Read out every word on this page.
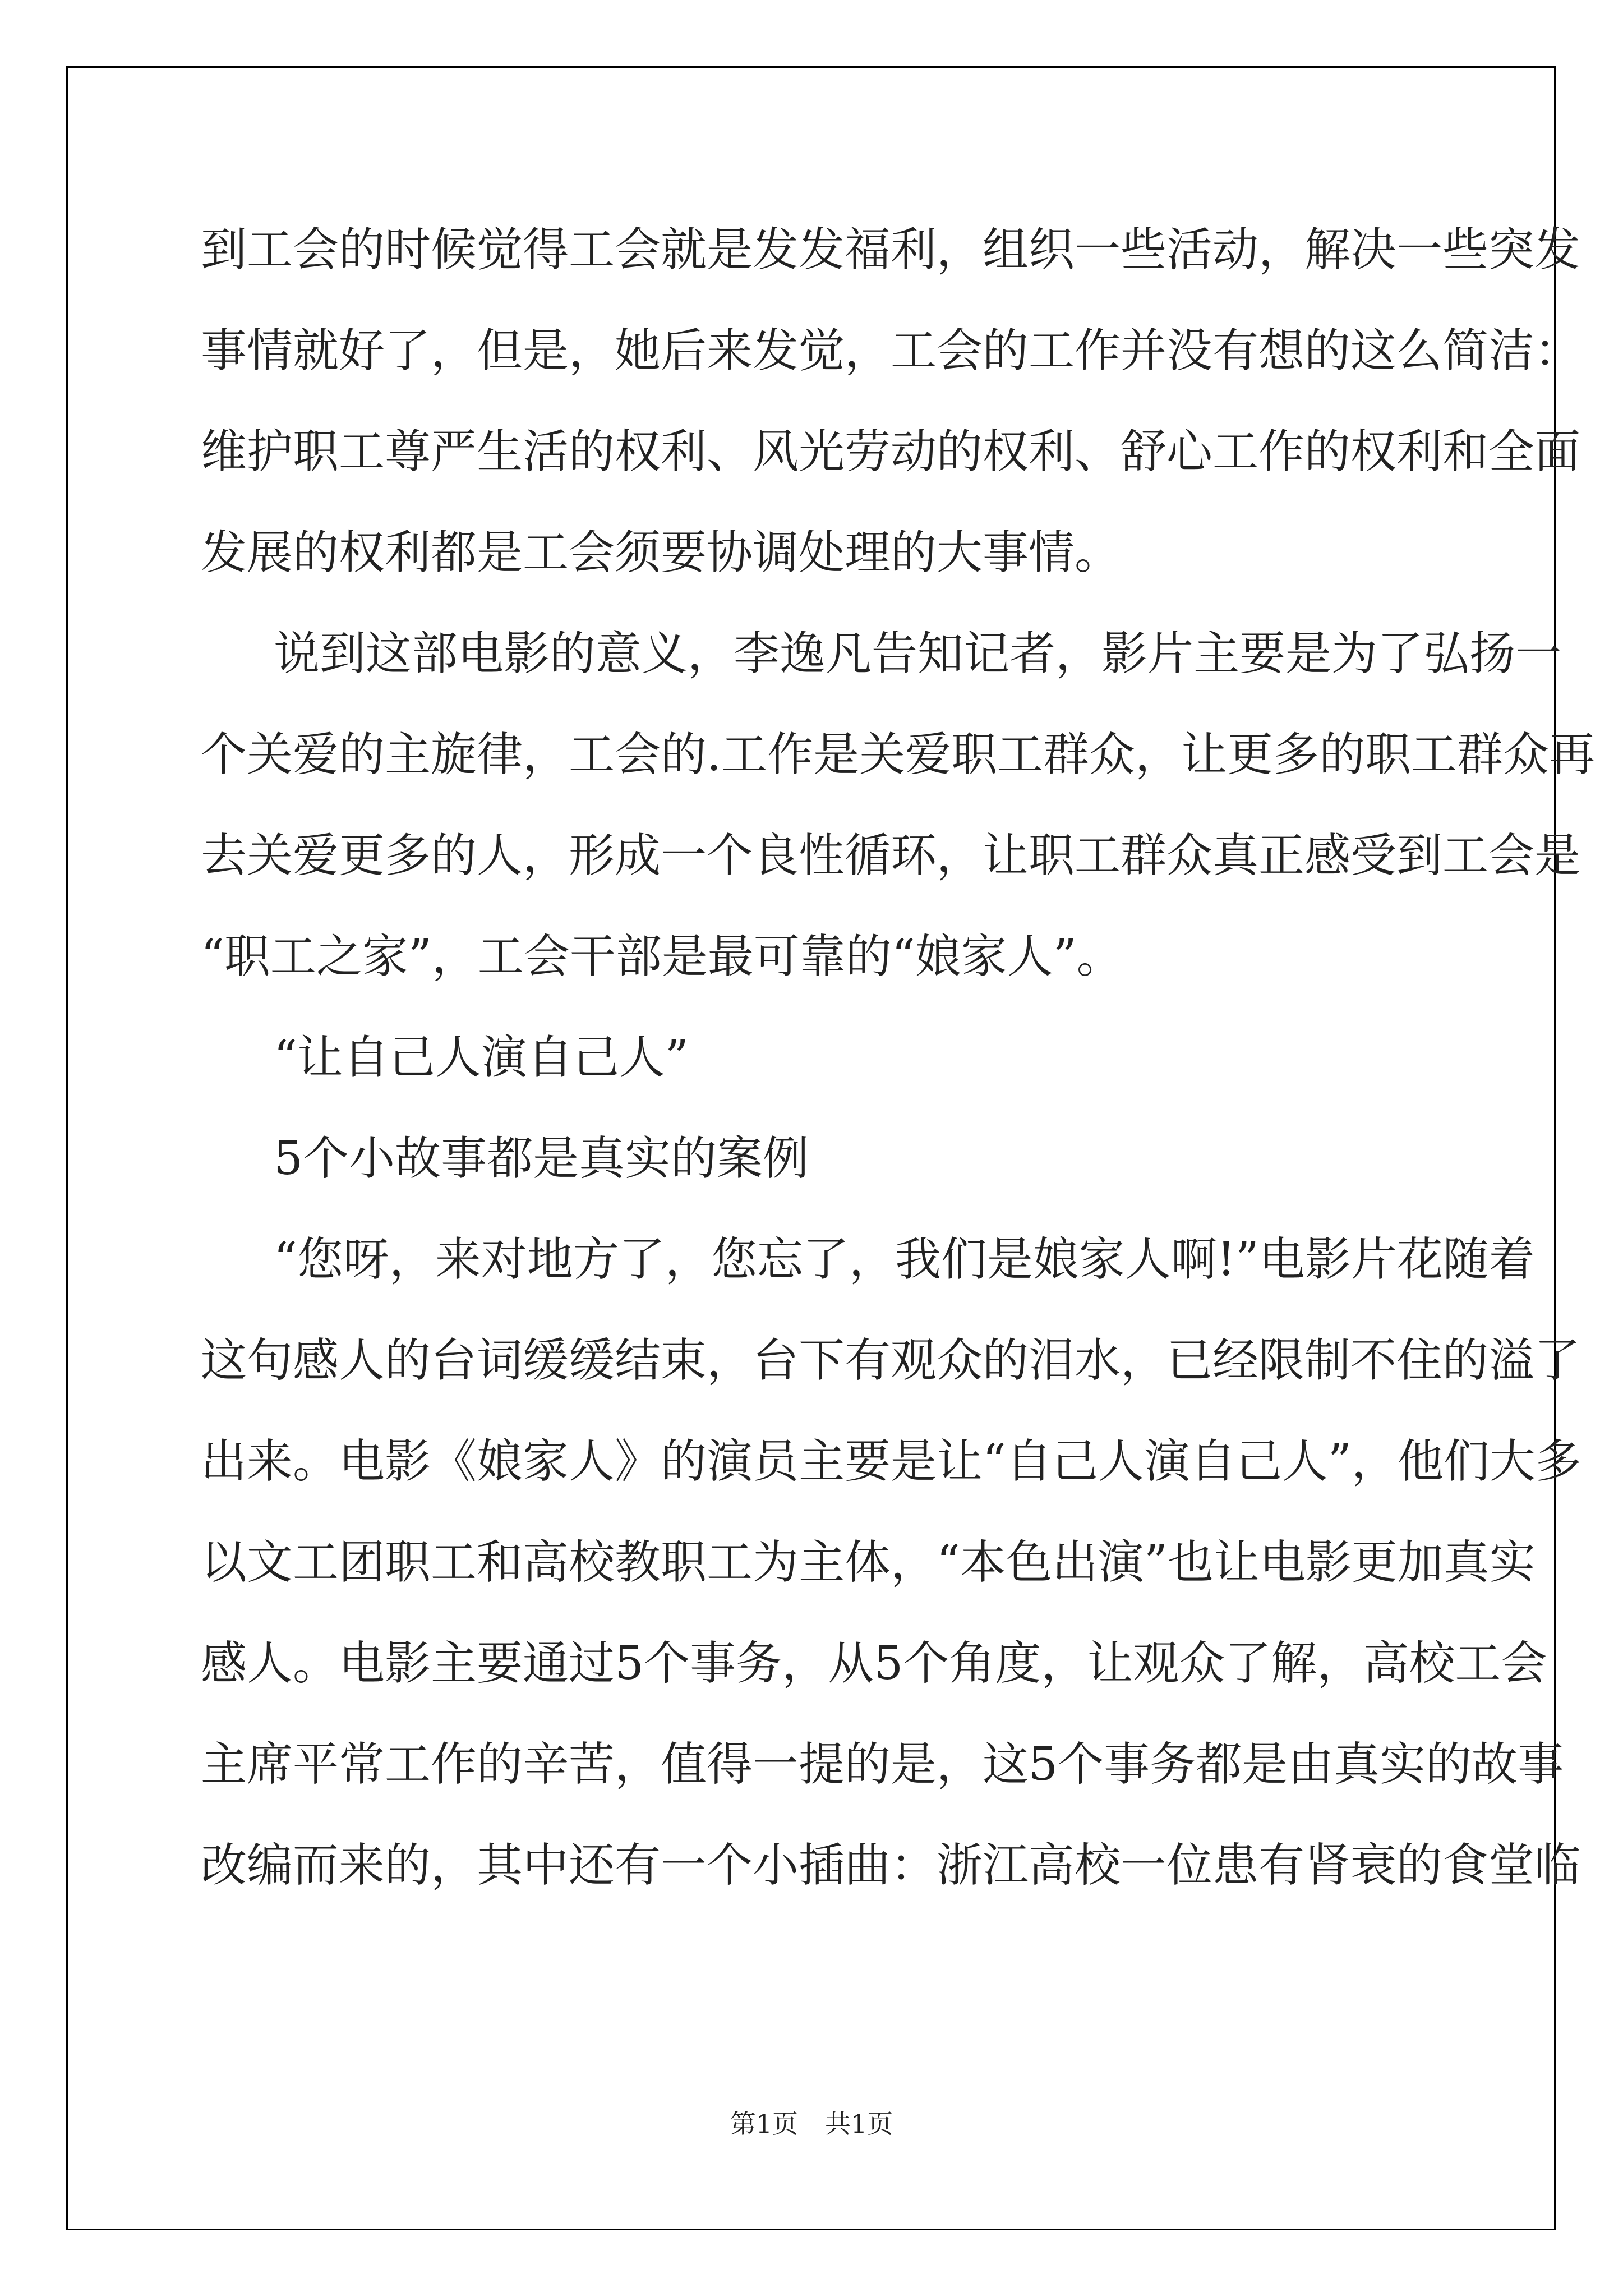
到工会的时候觉得工会就是发发福利，组织一些活动，解决一些突发
事情就好了，但是，她后来发觉，工会的工作并没有想的这么简洁：
维护职工尊严生活的权利、风光劳动的权利、舒心工作的权利和全面
发展的权利都是工会须要协调处理的大事情。
说到这部电影的意义，李逸凡告知记者，影片主要是为了弘扬一
个关爱的主旋律，工会的.工作是关爱职工群众，让更多的职工群众再
去关爱更多的人，形成一个良性循环，让职工群众真正感受到工会是
“职工之家”，工会干部是最可靠的“娘家人”。
“让自己人演自己人”
5个小故事都是真实的案例
“您呀，来对地方了，您忘了，我们是娘家人啊!”电影片花随着
这句感人的台词缓缓结束，台下有观众的泪水，已经限制不住的溢了
出来。电影《娘家人》的演员主要是让“自己人演自己人”，他们大多
以文工团职工和高校教职工为主体，“本色出演”也让电影更加真实
感人。电影主要通过5个事务，从5个角度，让观众了解，高校工会
主席平常工作的辛苦，值得一提的是，这5个事务都是由真实的故事
改编而来的，其中还有一个小插曲：浙江高校一位患有肾衰的食堂临
第1页 共1页
